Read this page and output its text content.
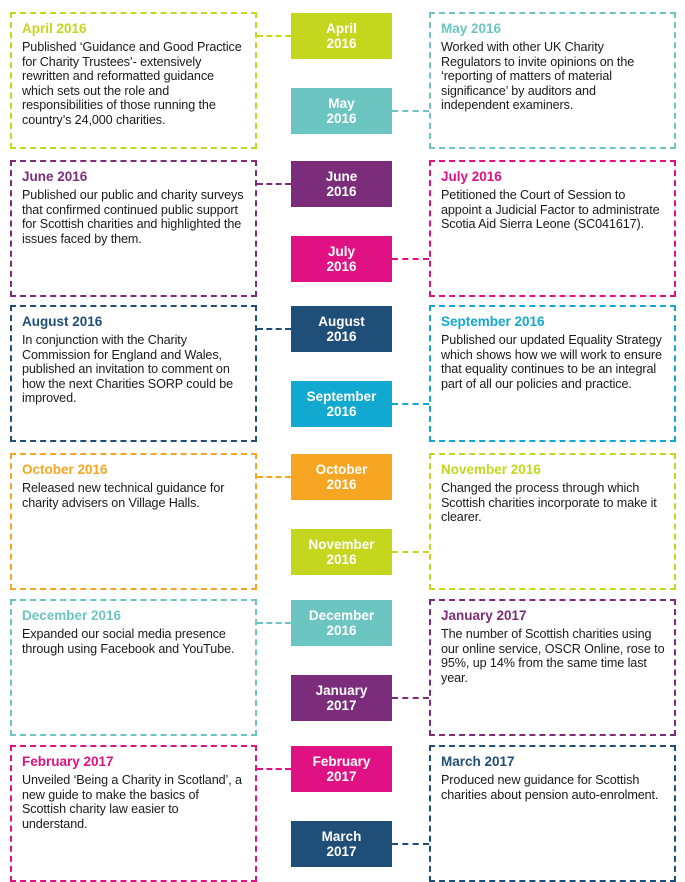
April 2016
Published ‘Guidance and Good Practice for Charity Trustees’- extensively rewritten and reformatted guidance which sets out the role and responsibilities of those running the country’s 24,000 charities.
April
2016
May 2016
Worked with other UK Charity Regulators to invite opinions on the ‘reporting of matters of material significance’ by auditors and independent examiners.
May
2016
June 2016
Published our public and charity surveys that confirmed continued public support for Scottish charities and highlighted the issues faced by them.
June
2016
July 2016
Petitioned the Court of Session to appoint a Judicial Factor to administrate Scotia Aid Sierra Leone (SC041617).
July
2016
August 2016
In conjunction with the Charity Commission for England and Wales, published an invitation to comment on how the next Charities SORP could be improved.
August
2016
September 2016
Published our updated Equality Strategy which shows how we will work to ensure that equality continues to be an integral part of all our policies and practice.
September
2016
October 2016
Released new technical guidance for charity advisers on Village Halls.
October
2016
November 2016
Changed the process through which Scottish charities incorporate to make it clearer.
November
2016
December 2016
Expanded our social media presence through using Facebook and YouTube.
December
2016
January 2017
The number of Scottish charities using our online service, OSCR Online, rose to 95%, up 14% from the same time last year.
January
2017
February 2017
Unveiled ‘Being a Charity in Scotland’, a new guide to make the basics of Scottish charity law easier to understand.
February
2017
March 2017
Produced new guidance for Scottish charities about pension auto-enrolment.
March
2017
